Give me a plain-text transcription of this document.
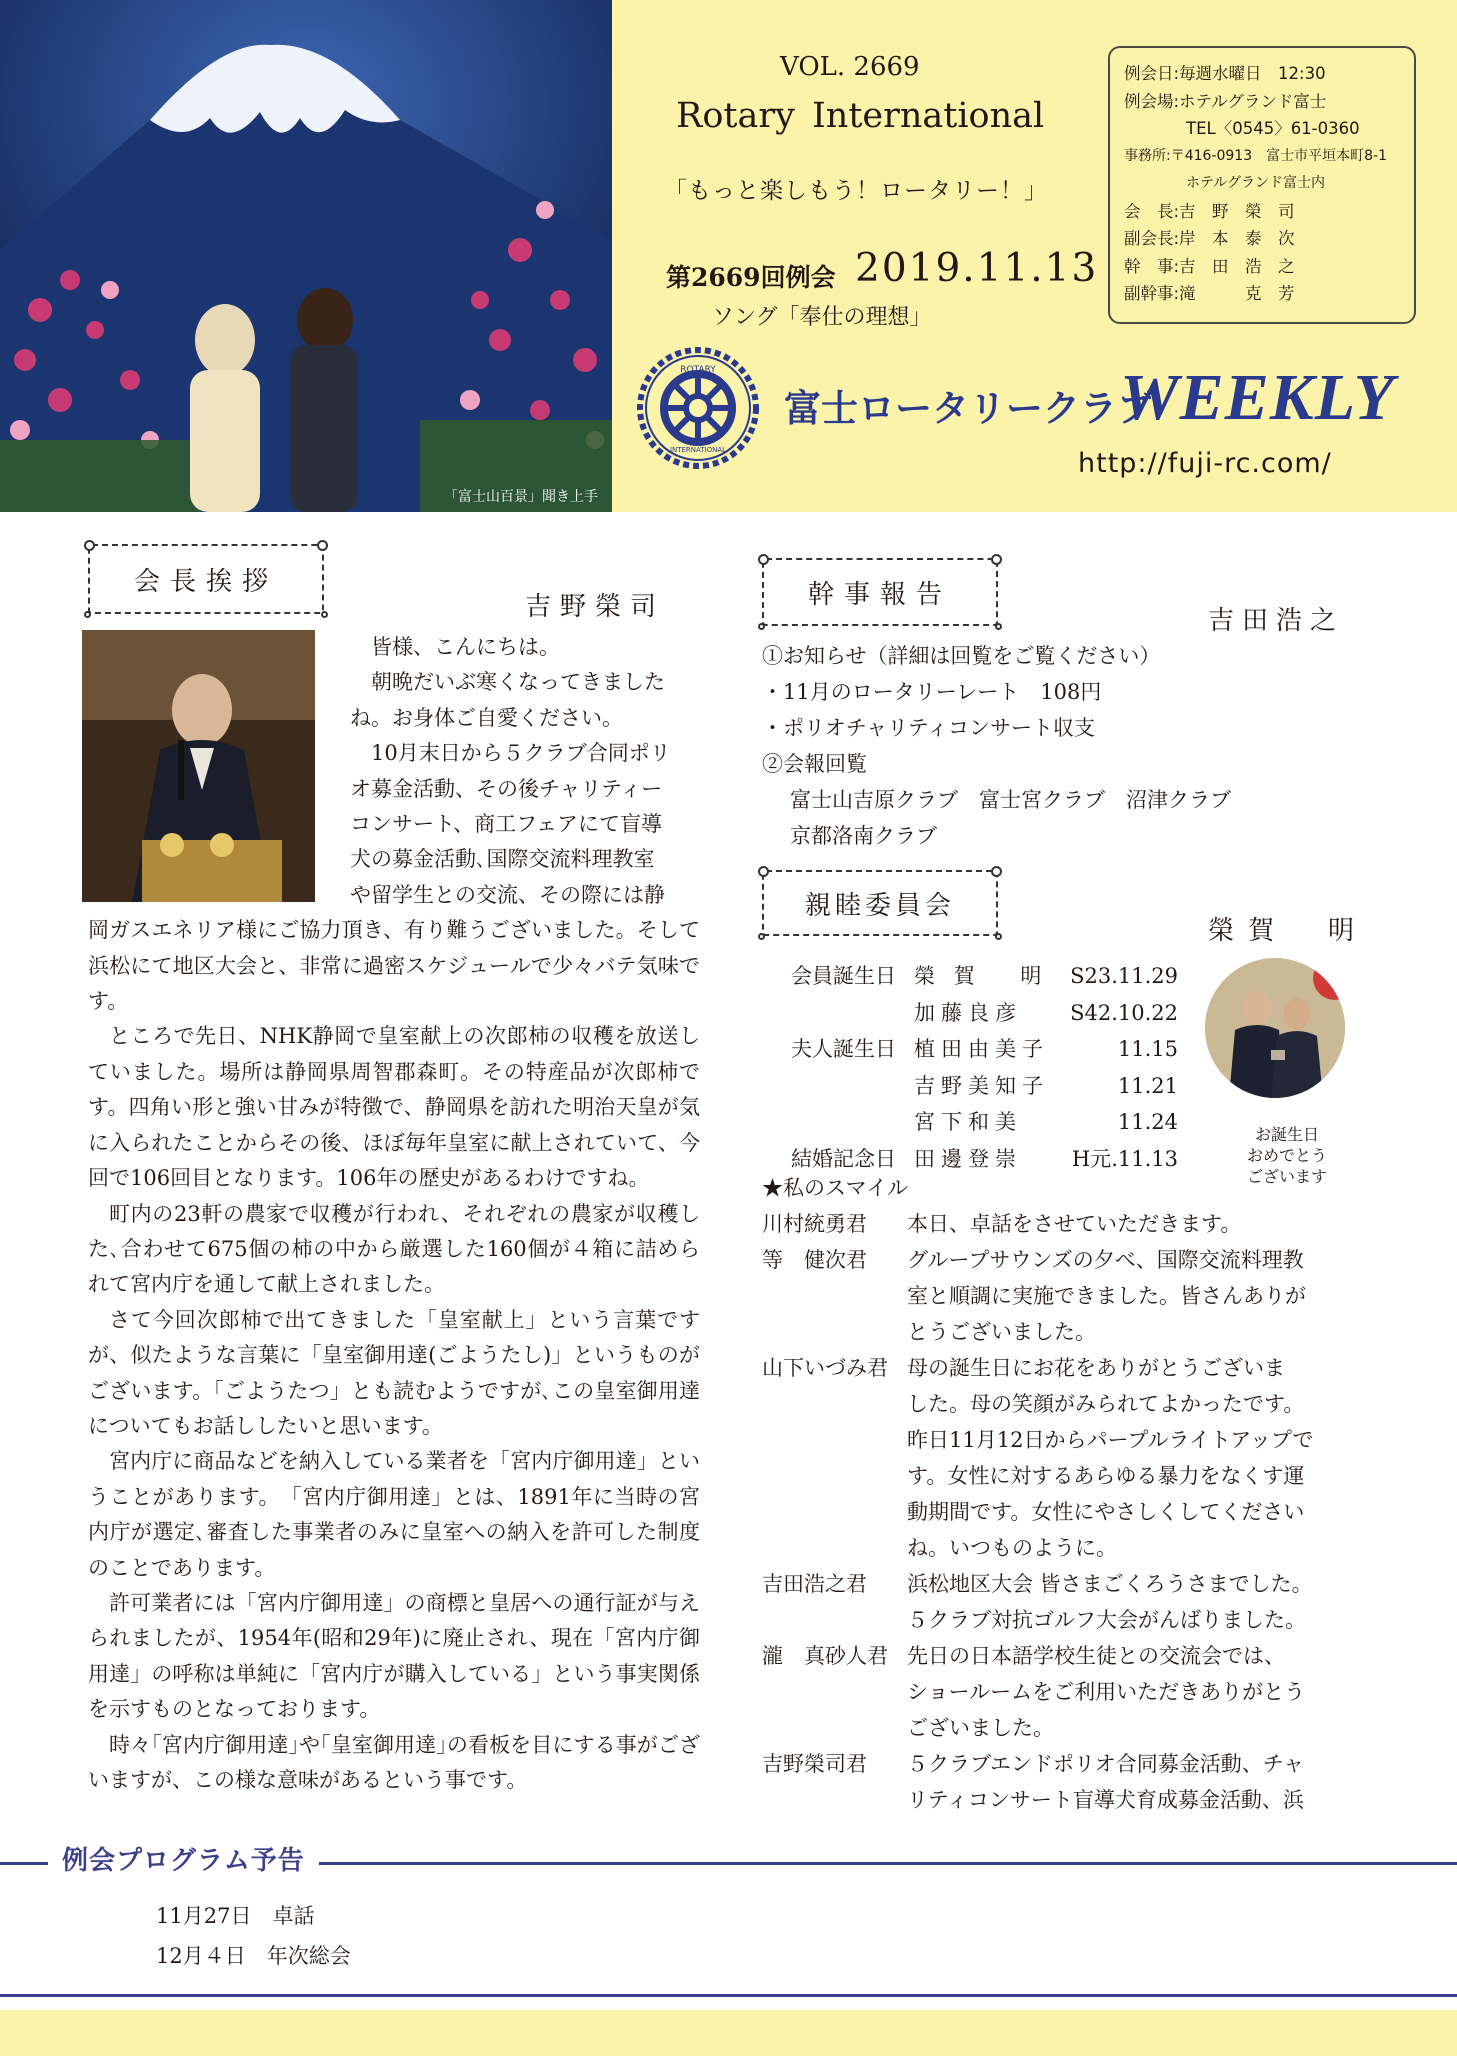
「富士山百景」聞き上手
VOL. 2669
Rotary International
「もっと楽しもう！ロータリー！」
第2669回例会 2019.11.13
ソング「奉仕の理想」
例会日:毎週水曜日　12:30
例会場:ホテルグランド富士
TEL〈0545〉61-0360
事務所:〒416-0913　富士市平垣本町8-1
ホテルグランド富士内
会　長:吉　野　榮　司
副会長:岸　本　泰　次
幹　事:吉　田　浩　之
副幹事:滝　　　克　芳
ROTARY
INTERNATIONAL
富士ロータリークラブ
WEEKLY
http://fuji-rc.com/
会長挨拶
吉野榮司
皆様、こんにちは。
朝晩だいぶ寒くなってきました
ね。お身体ご自愛ください。
10月末日から５クラブ合同ポリ
オ募金活動、その後チャリティー
コンサート、商工フェアにて盲導
犬の募金活動､国際交流料理教室
や留学生との交流、その際には静
岡ガスエネリア様にご協力頂き、有り難うございました。そして浜松にて地区大会と、非常に過密スケジュールで少々バテ気味です。
ところで先日、NHK静岡で皇室献上の次郎柿の収穫を放送していました。場所は静岡県周智郡森町。その特産品が次郎柿です。四角い形と強い甘みが特徴で、静岡県を訪れた明治天皇が気に入られたことからその後、ほぼ毎年皇室に献上されていて、今回で106回目となります。106年の歴史があるわけですね。
町内の23軒の農家で収穫が行われ、それぞれの農家が収穫した､合わせて675個の柿の中から厳選した160個が４箱に詰められて宮内庁を通して献上されました。
さて今回次郎柿で出てきました「皇室献上」という言葉ですが、似たような言葉に「皇室御用達(ごようたし)」というものがございます。「ごようたつ」とも読むようですが､この皇室御用達についてもお話ししたいと思います。
宮内庁に商品などを納入している業者を「宮内庁御用達」ということがあります。　「宮内庁御用達」とは、1891年に当時の宮内庁が選定､審査した事業者のみに皇室への納入を許可した制度のことであります。
許可業者には「宮内庁御用達」の商標と皇居への通行証が与えられましたが、1954年(昭和29年)に廃止され、現在「宮内庁御用達」の呼称は単純に「宮内庁が購入している」という事実関係を示すものとなっております。
時々｢宮内庁御用達｣や｢皇室御用達｣の看板を目にする事がございますが、この様な意味があるという事です。
幹事報告
吉田浩之
①お知らせ（詳細は回覧をご覧ください）
・11月のロータリーレート　108円
・ポリオチャリティコンサート収支
②会報回覧
富士山吉原クラブ　富士宮クラブ　沼津クラブ
京都洛南クラブ
親睦委員会
榮賀　明
会員誕生日 榮 賀　 明	S23.11.29
加藤良彦	S42.10.22
夫人誕生日 植田由美子	11.15
吉野美知子	11.21
宮下和美	11.24
結婚記念日 田邊登崇	H元.11.13
お誕生日
おめでとう
ございます
★私のスマイル
川村統勇君	本日、卓話をさせていただきます。
等　健次君	グループサウンズの夕べ、国際交流料理教
室と順調に実施できました。皆さんありが
とうございました。
山下いづみ君 母の誕生日にお花をありがとうございま
した。母の笑顔がみられてよかったです。
昨日11月12日からパープルライトアップで
す。女性に対するあらゆる暴力をなくす運
動期間です。女性にやさしくしてください
ね。いつものように。
吉田浩之君	浜松地区大会 皆さまごくろうさまでした。
５クラブ対抗ゴルフ大会がんばりました。
瀧　真砂人君 先日の日本語学校生徒との交流会では、
ショールームをご利用いただきありがとう
ございました。
吉野榮司君	５クラブエンドポリオ合同募金活動、チャ
リティコンサート盲導犬育成募金活動、浜
例会プログラム予告
11月27日　卓話
12月４日　年次総会
